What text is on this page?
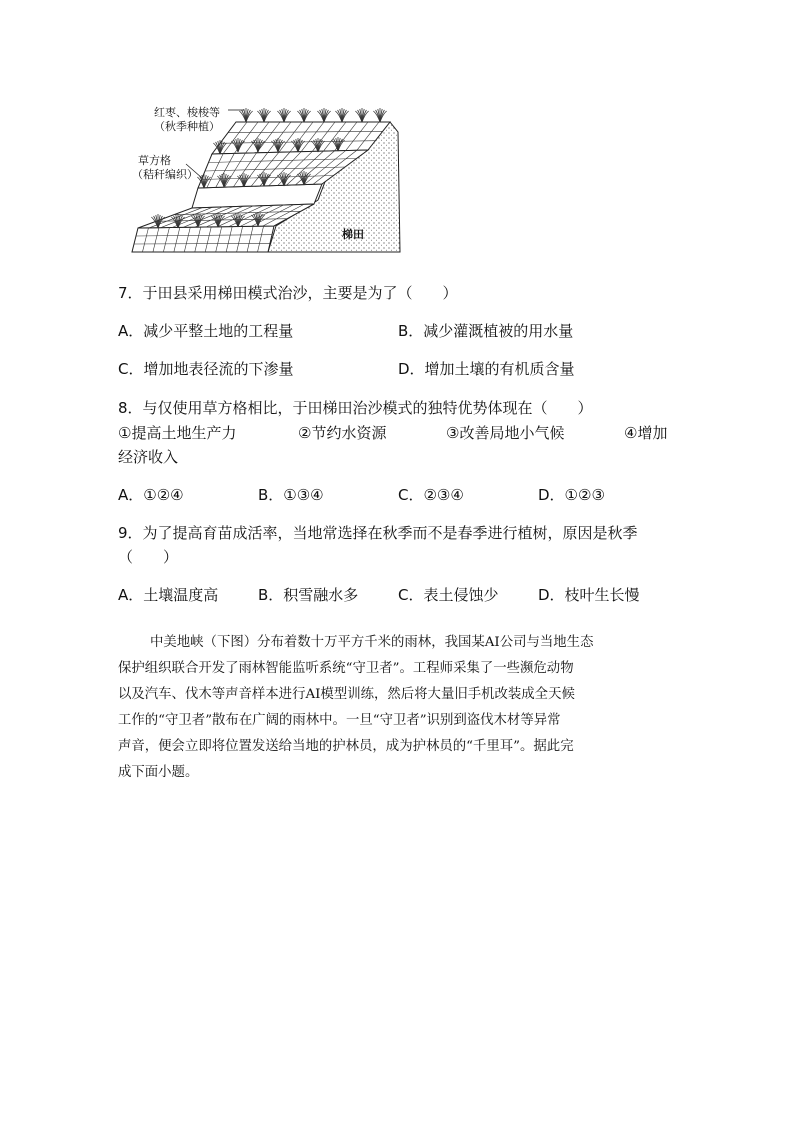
红枣、梭梭等
（秋季种植）
草方格
（秸秆编织）
梯田
7．于田县采用梯田模式治沙，主要是为了（　　）
A．减少平整土地的工程量	B．减少灌溉植被的用水量
C．增加地表径流的下渗量	D．增加土壤的有机质含量
8．与仅使用草方格相比，于田梯田治沙模式的独特优势体现在（　　）
①提高土地生产力	②节约水资源	③改善局地小气候	④增加
经济收入
A．①②④	B．①③④	C．②③④	D．①②③
9．为了提高育苗成活率，当地常选择在秋季而不是春季进行植树，原因是秋季
（　　）
A．土壤温度高	B．积雪融水多	C．表土侵蚀少	D．枝叶生长慢
中美地峡（下图）分布着数十万平方千米的雨林，我国某AI公司与当地生态
保护组织联合开发了雨林智能监听系统“守卫者”。工程师采集了一些濒危动物
以及汽车、伐木等声音样本进行AI模型训练，然后将大量旧手机改装成全天候
工作的“守卫者”散布在广阔的雨林中。一旦“守卫者”识别到盗伐木材等异常
声音，便会立即将位置发送给当地的护林员，成为护林员的“千里耳”。据此完
成下面小题。
